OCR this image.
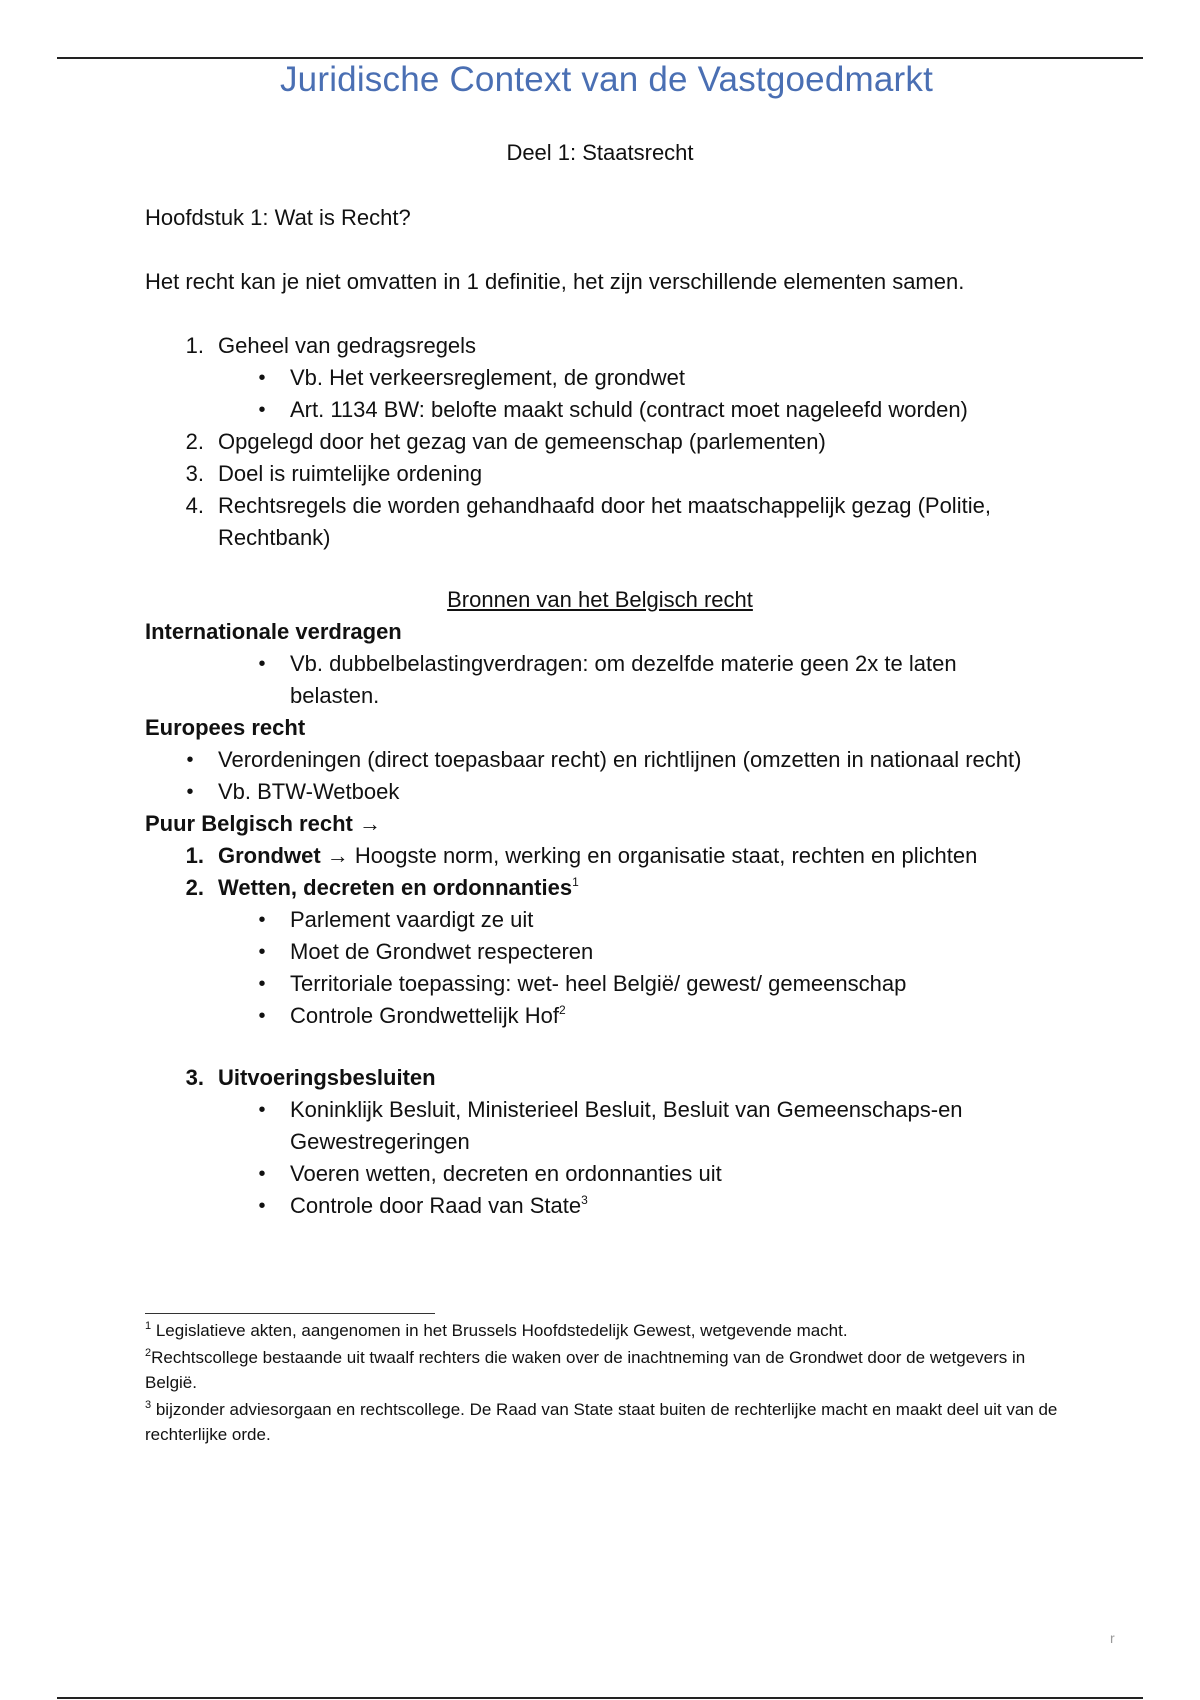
Juridische Context van de Vastgoedmarkt
Deel 1: Staatsrecht

Hoofdstuk 1: Wat is Recht?

Het recht kan je niet omvatten in 1 definitie, het zijn verschillende elementen samen.

1. Geheel van gedragsregels
• Vb. Het verkeersreglement, de grondwet
• Art. 1134 BW: belofte maakt schuld (contract moet nageleefd worden)
2. Opgelegd door het gezag van de gemeenschap (parlementen)
3. Doel is ruimtelijke ordening
4. Rechtsregels die worden gehandhaafd door het maatschappelijk gezag (Politie, Rechtbank)

Bronnen van het Belgisch recht

Internationale verdragen

• Vb. dubbelbelastingverdragen: om dezelfde materie geen 2x te laten belasten.

Europees recht

• Verordeningen (direct toepasbaar recht) en richtlijnen (omzetten in nationaal recht)
• Vb. BTW-Wetboek

Puur Belgisch recht →

1. Grondwet → Hoogste norm, werking en organisatie staat, rechten en plichten
2. Wetten, decreten en ordonnanties$^1$
• Parlement vaardigt ze uit
• Moet de Grondwet respecteren
• Territoriale toepassing: wet- heel België/ gewest/ gemeenschap
• Controle Grondwettelijk Hof$^2$
3. Uitvoeringsbesluiten
• Koninklijk Besluit, Ministerieel Besluit, Besluit van Gemeenschaps-en Gewestregeringen
• Voeren wetten, decreten en ordonnanties uit
• Controle door Raad van State$^3$

$^1$ Legislatieve akten, aangenomen in het Brussels Hoofdstedelijk Gewest, wetgevende macht.

$^2$Rechtscollege bestaande uit twaalf rechters die waken over de inachtneming van de Grondwet door de wetgevers in België.

$^3$ bijzonder adviesorgaan en rechtscollege. De Raad van State staat buiten de rechterlijke macht en maakt deel uit van de rechterlijke orde.

r
